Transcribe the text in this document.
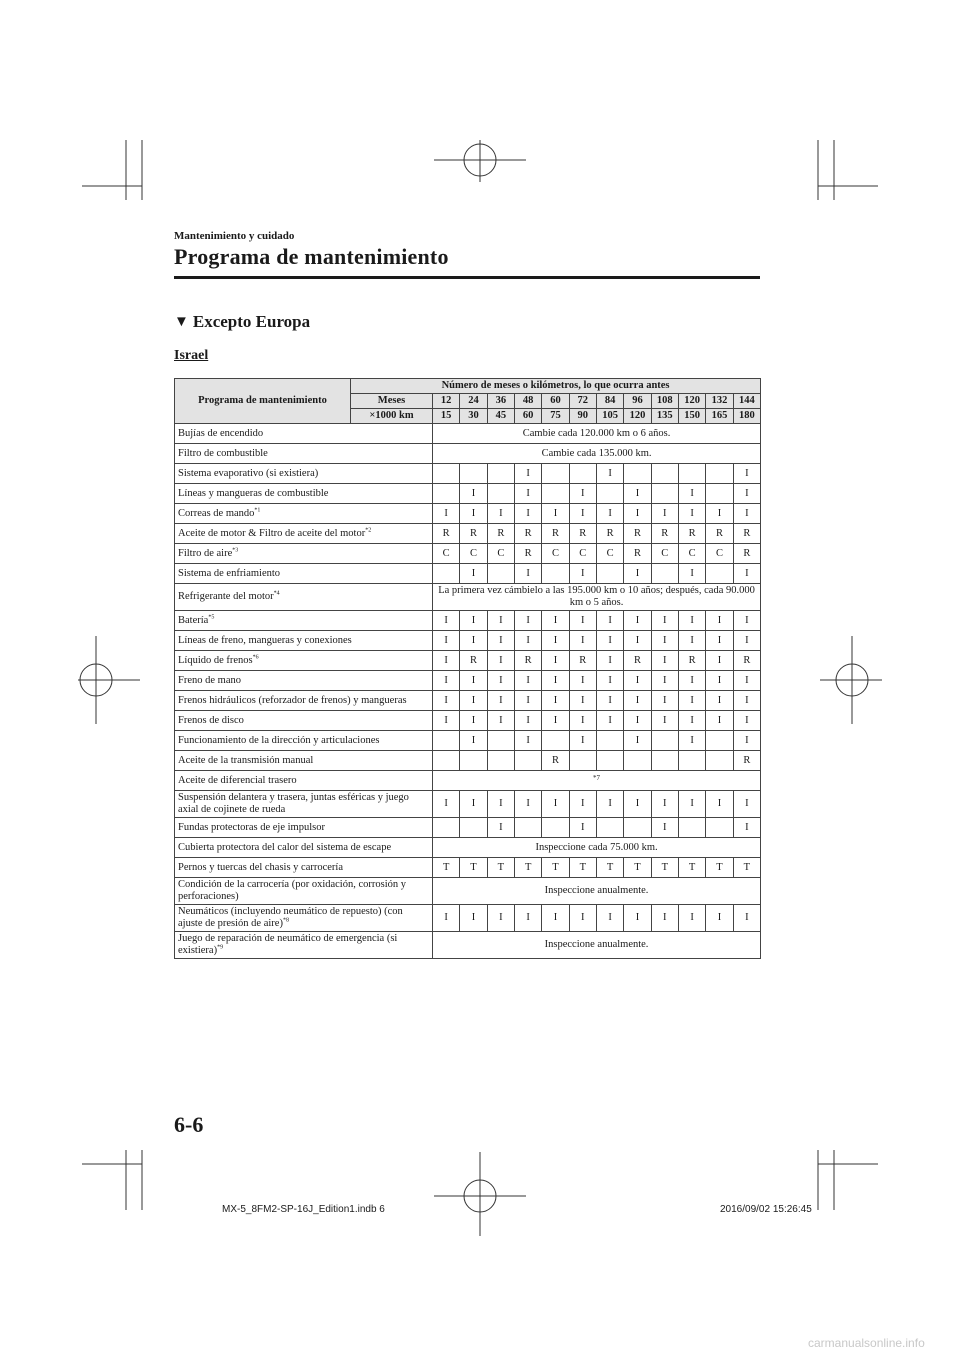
Mantenimiento y cuidado
Programa de mantenimiento
▼ Excepto Europa
Israel
Programa de mantenimiento	Número de meses o kilómetros, lo que ocurra antes												
	Meses	12	24	36	48	60	72	84	96	108	120	132	144
	×1000 km	15	30	45	60	75	90	105	120	135	150	165	180
Bujías de encendido		Cambie cada 120.000 km o 6 años.											
Filtro de combustible		Cambie cada 135.000 km.											
Sistema evaporativo (si existiera)					I			I					I
Líneas y mangueras de combustible			I		I		I		I		I		I
Correas de mando$^{*1}$		I	I	I	I	I	I	I	I	I	I	I	I
Aceite de motor & Filtro de aceite del motor$^{*2}$		R	R	R	R	R	R	R	R	R	R	R	R
Filtro de aire$^{*3}$		C	C	C	R	C	C	C	R	C	C	C	R
Sistema de enfriamiento			I		I		I		I		I		I
Refrigerante del motor$^{*4}$		La primera vez cámbielo a las 195.000 km o 10 años; después, cada 90.000 km o 5 años.											
Batería$^{*5}$		I	I	I	I	I	I	I	I	I	I	I	I
Líneas de freno, mangueras y conexiones		I	I	I	I	I	I	I	I	I	I	I	I
Líquido de frenos$^{*6}$		I	R	I	R	I	R	I	R	I	R	I	R
Freno de mano		I	I	I	I	I	I	I	I	I	I	I	I
Frenos hidráulicos (reforzador de frenos) y mangueras		I	I	I	I	I	I	I	I	I	I	I	I
Frenos de disco		I	I	I	I	I	I	I	I	I	I	I	I
Funcionamiento de la dirección y articulaciones			I		I		I		I		I		I
Aceite de la transmisión manual						R							R
Aceite de diferencial trasero		*7											
Suspensión delantera y trasera, juntas esféricas y juego axial de cojinete de rueda		I	I	I	I	I	I	I	I	I	I	I	I
Fundas protectoras de eje impulsor				I			I			I			I
Cubierta protectora del calor del sistema de escape		Inspeccione cada 75.000 km.											
Pernos y tuercas del chasis y carrocería		T	T	T	T	T	T	T	T	T	T	T	T
Condición de la carrocería (por oxidación, corrosión y perforaciones)		Inspeccione anualmente.											
Neumáticos (incluyendo neumático de repuesto) (con ajuste de presión de aire)$^{*8}$		I	I	I	I	I	I	I	I	I	I	I	I
Juego de reparación de neumático de emergencia (si existiera)$^{*9}$		Inspeccione anualmente.											
6-6
MX-5_8FM2-SP-16J_Edition1.indb 6	2016/09/02 15:26:45
carmanualsonline.info
